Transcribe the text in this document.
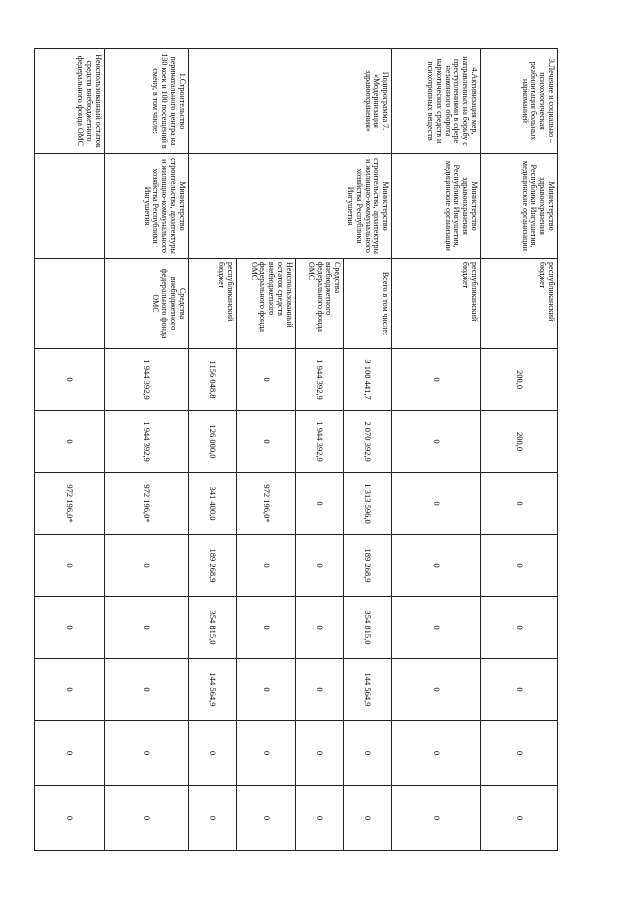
3.Лечение и социально – психологическая реабилитация больных наркоманией	Министерство здравоохранения Республики Ингушетия, медицинские организации	республиканский бюджет	200,0	200,0	0	0	0	0	0	0
4.Активизация мер, направленных на борьбу с преступлениями в сфере незаконного оборота наркотических средств и психотропных веществ	Министерство здравоохранения Республики Ингушетия, медицинские организации	республиканский бюджет	0	0	0	0	0	0	0	0
Подпрограмма 7. «Модернизация здравоохранения»	Министерство строительства, архитектуры и жилищно-коммунального хозяйства Республики Ингушетия	Всего в том числе:	3 100 441,7	2 070 392,9	1 313 596,0	189 268,9	354 815,0	144 564,9	0	0
		Средства внебюджетного федерального фонда ОМС	1 944 392,9	1 944 392,9	0	0	0	0	0	0
		Неиспользованный остаток средств внебюджетного федерального фонда ОМС	0	0	972 196,0*	0	0	0	0	0
		республиканский бюджет	1156 048,8	126 000,0	341 400,0	189 268,9	354 815,0	144 564,9	0	0
1.Строительство перинатального центра на 130 коек и 100 посещений в смену, в том числе:	Министерство строительства, архитектуры и жилищно-коммунального хозяйства Республики Ингушетия	Средства внебюджетного федерального фонда ОМС	1 944 392,9	1 944 392,9	972 196,0*	0	0	0	0	0
Неиспользованный остаток средств внебюджетного федерального фонда ОМС			0	0	972 196,0*	0	0	0	0	0
